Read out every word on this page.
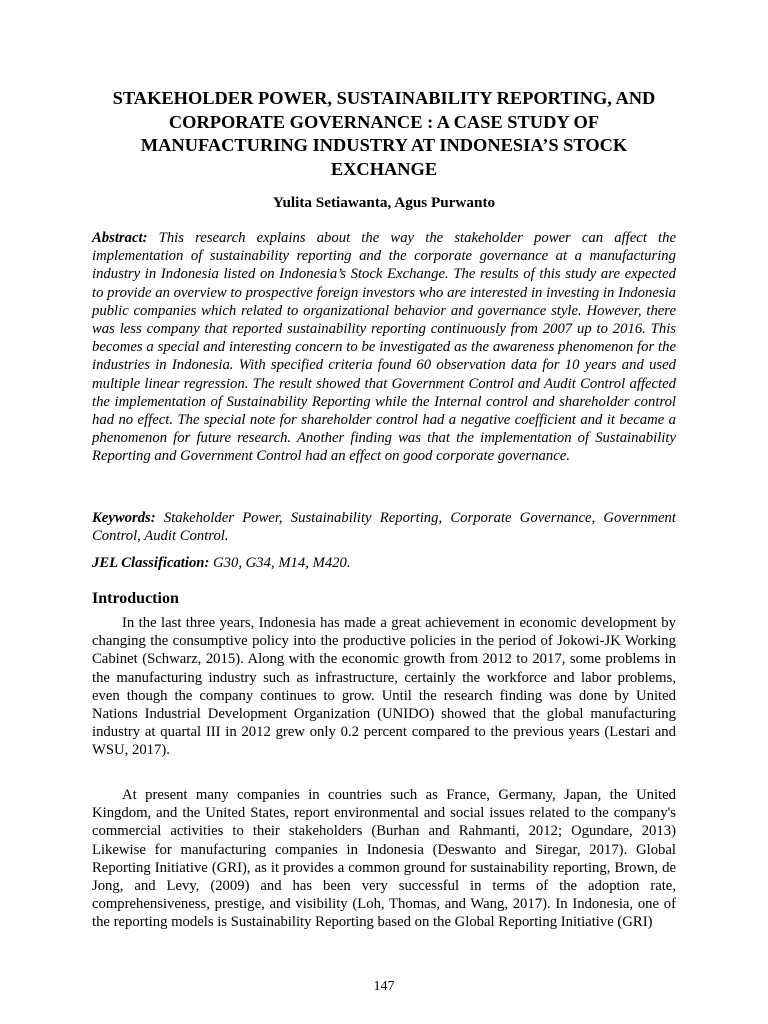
STAKEHOLDER POWER, SUSTAINABILITY REPORTING, AND CORPORATE GOVERNANCE : A CASE STUDY OF MANUFACTURING INDUSTRY AT INDONESIA’S STOCK EXCHANGE

Yulita Setiawanta, Agus Purwanto

Abstract: This research explains about the way the stakeholder power can affect the implementation of sustainability reporting and the corporate governance at a manufacturing industry in Indonesia listed on Indonesia’s Stock Exchange. The results of this study are expected to provide an overview to prospective foreign investors who are interested in investing in Indonesia public companies which related to organizational behavior and governance style. However, there was less company that reported sustainability reporting continuously from 2007 up to 2016. This becomes a special and interesting concern to be investigated as the awareness phenomenon for the industries in Indonesia. With specified criteria found 60 observation data for 10 years and used multiple linear regression. The result showed that Government Control and Audit Control affected the implementation of Sustainability Reporting while the Internal control and shareholder control had no effect. The special note for shareholder control had a negative coefficient and it became a phenomenon for future research. Another finding was that the implementation of Sustainability Reporting and Government Control had an effect on good corporate governance.

Keywords: Stakeholder Power, Sustainability Reporting, Corporate Governance, Government Control, Audit Control.

JEL Classification: G30, G34, M14, M420.

Introduction

In the last three years, Indonesia has made a great achievement in economic development by changing the consumptive policy into the productive policies in the period of Jokowi-JK Working Cabinet (Schwarz, 2015). Along with the economic growth from 2012 to 2017, some problems in the manufacturing industry such as infrastructure, certainly the workforce and labor problems, even though the company continues to grow. Until the research finding was done by United Nations Industrial Development Organization (UNIDO) showed that the global manufacturing industry at quartal III in 2012 grew only 0.2 percent compared to the previous years (Lestari and WSU, 2017).

At present many companies in countries such as France, Germany, Japan, the United Kingdom, and the United States, report environmental and social issues related to the company's commercial activities to their stakeholders (Burhan and Rahmanti, 2012; Ogundare, 2013) Likewise for manufacturing companies in Indonesia (Deswanto and Siregar, 2017). Global Reporting Initiative (GRI), as it provides a common ground for sustainability reporting, Brown, de Jong, and Levy, (2009) and has been very successful in terms of the adoption rate, comprehensiveness, prestige, and visibility (Loh, Thomas, and Wang, 2017). In Indonesia, one of the reporting models is Sustainability Reporting based on the Global Reporting Initiative (GRI)

147
